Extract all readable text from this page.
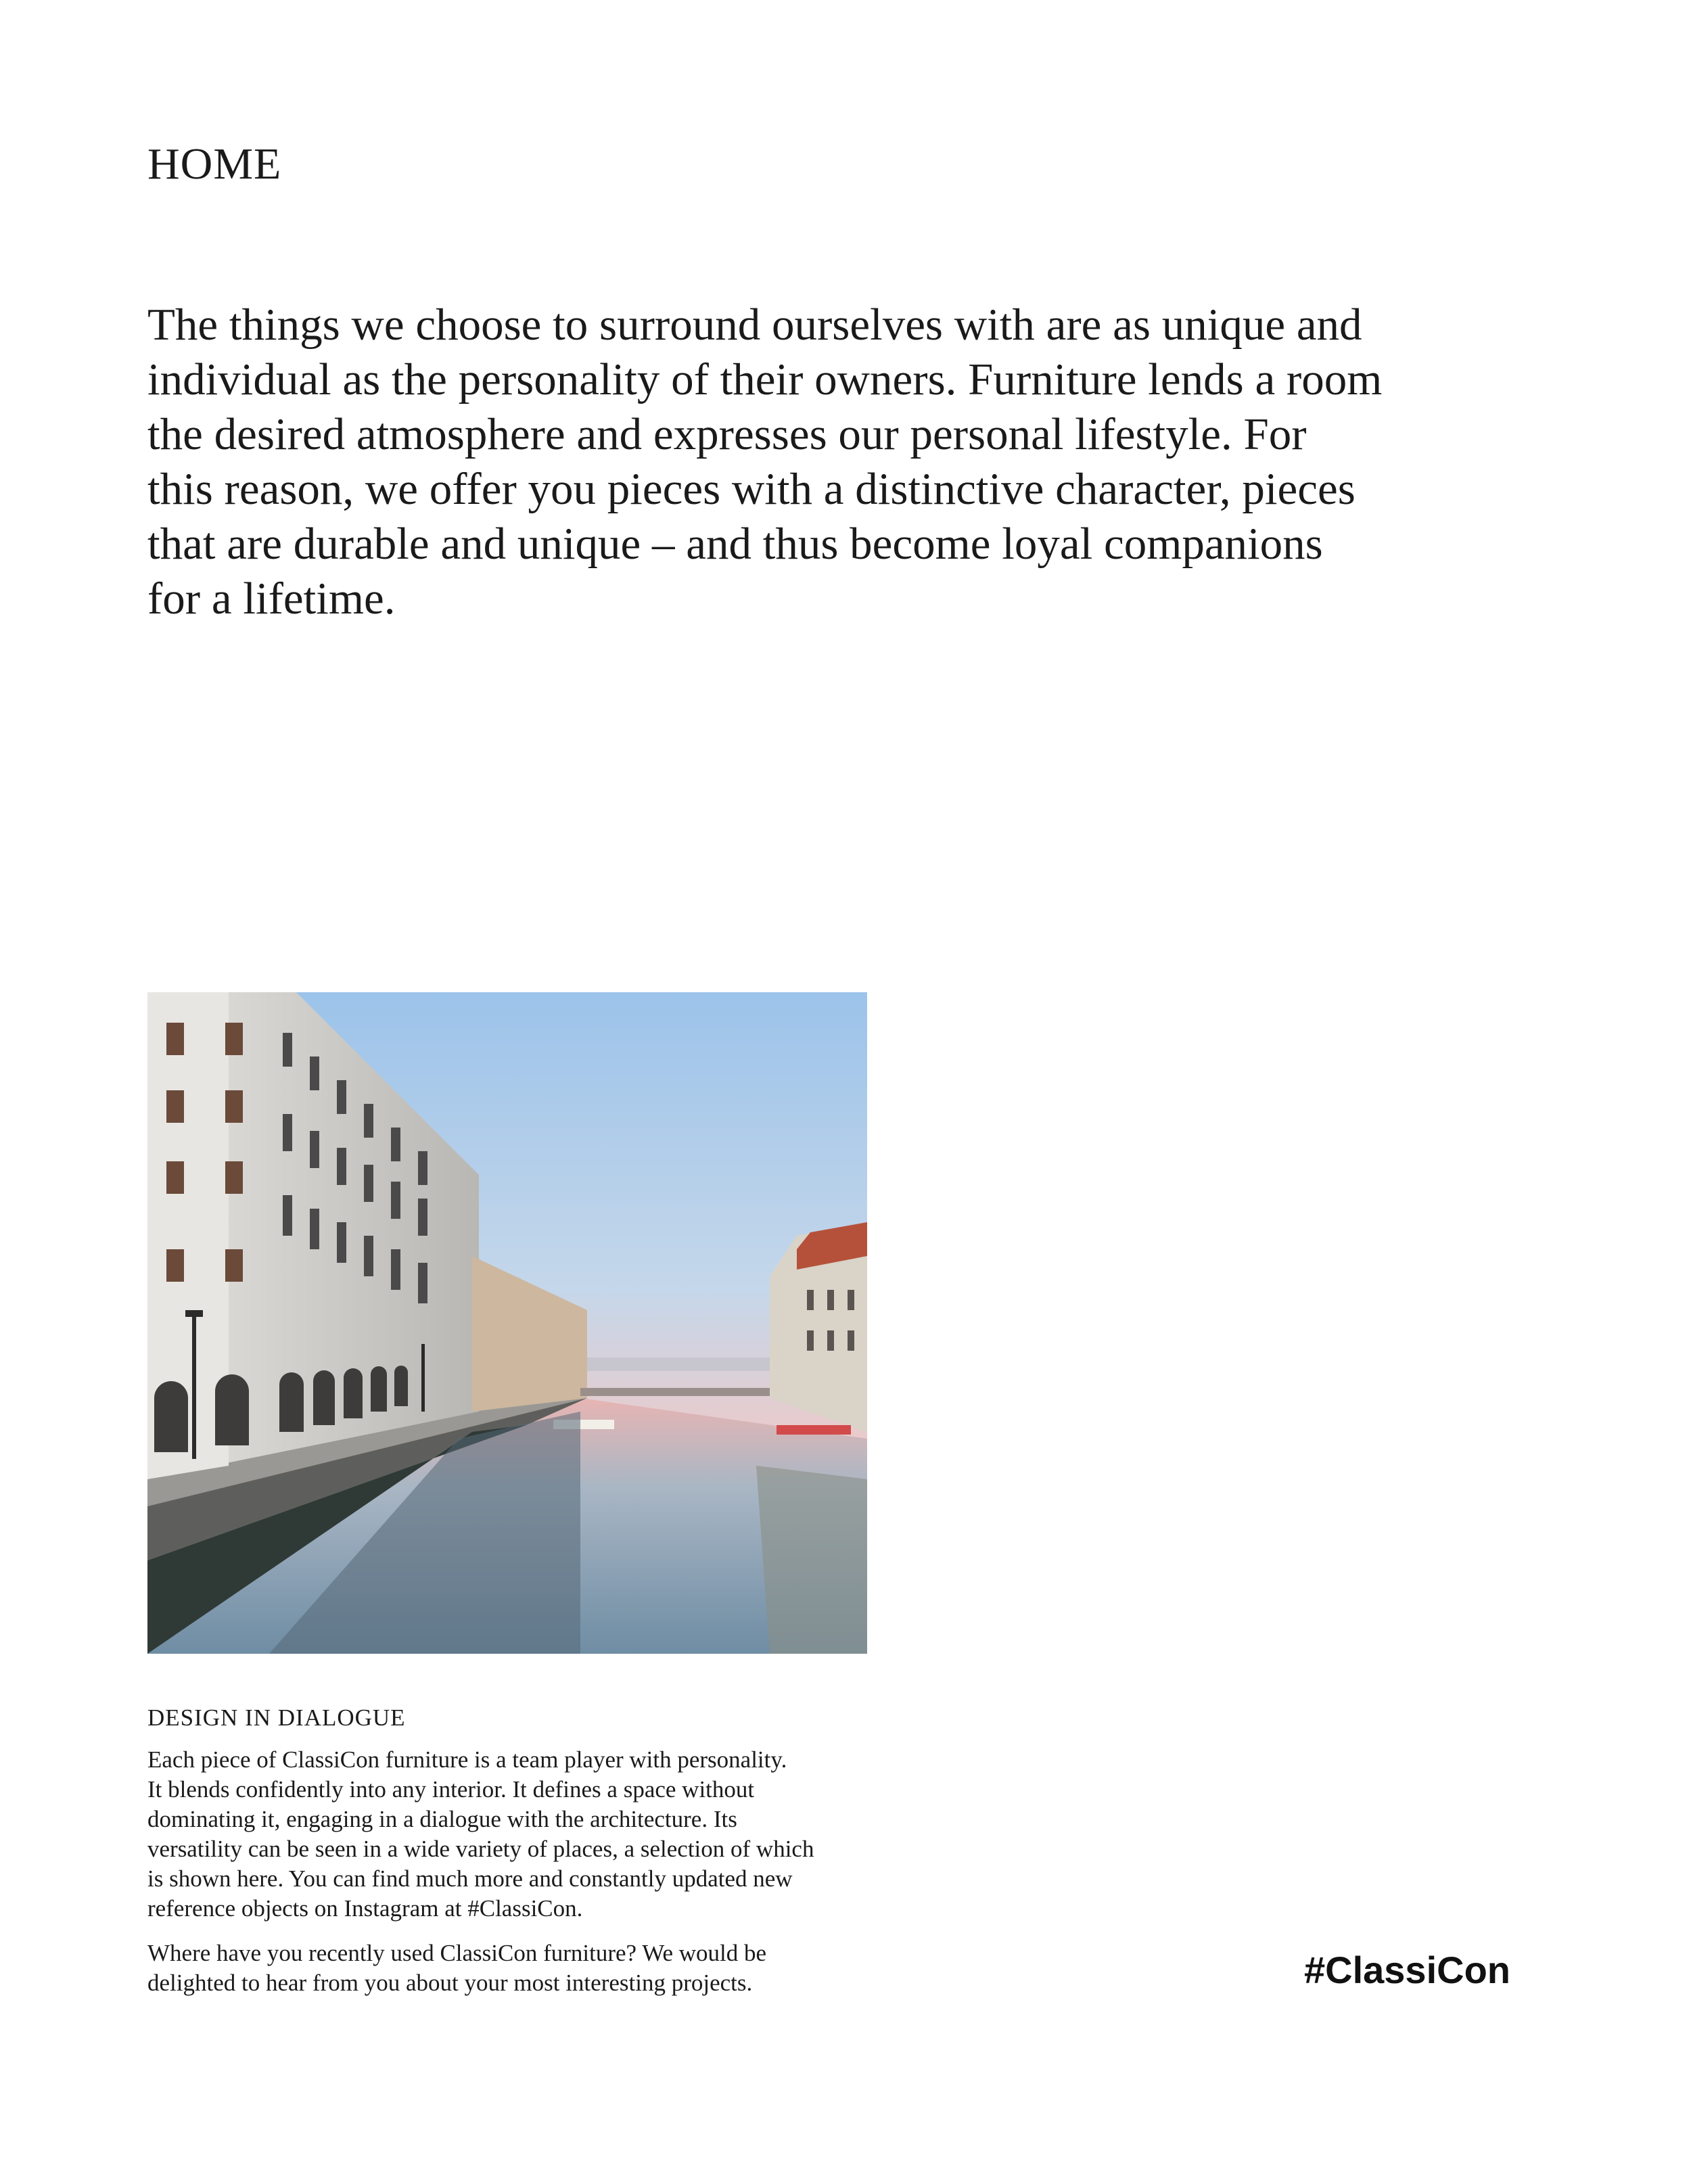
HOME
The things we choose to surround ourselves with are as unique and
individual as the personality of their owners. Furniture lends a room
the desired atmosphere and expresses our personal lifestyle. For
this reason, we offer you pieces with a distinctive character, pieces
that are durable and unique – and thus become loyal companions
for a lifetime.
DESIGN IN DIALOGUE
Each piece of ClassiCon furniture is a team player with personality.
It blends confidently into any interior. It defines a space without
dominating it, engaging in a dialogue with the architecture. Its
versatility can be seen in a wide variety of places, a selection of which
is shown here. You can find much more and constantly updated new
reference objects on Instagram at #ClassiCon.
Where have you recently used ClassiCon furniture? We would be
delighted to hear from you about your most interesting projects.	#ClassiCon
